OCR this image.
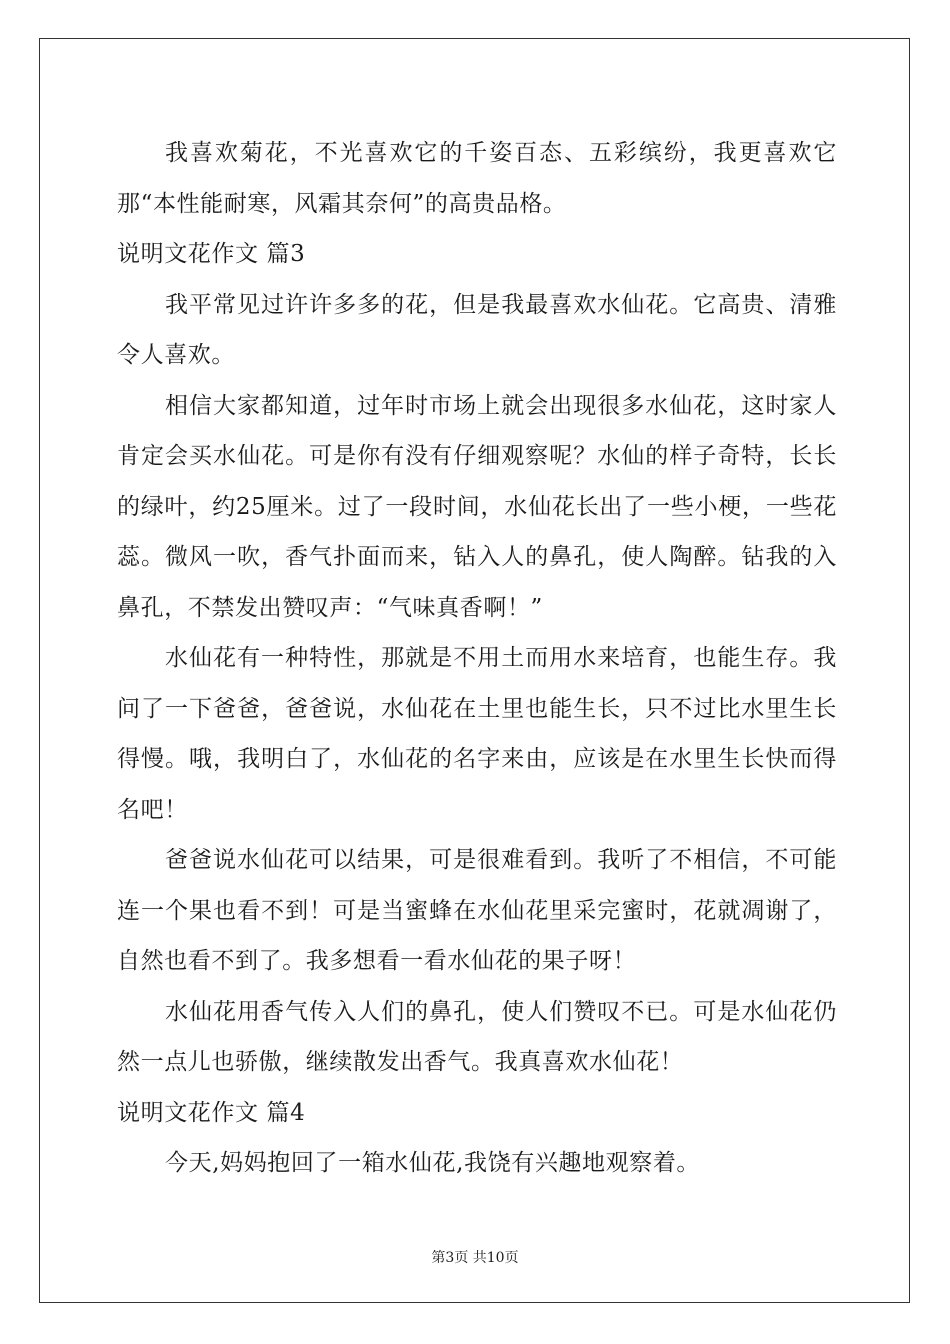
我喜欢菊花，不光喜欢它的千姿百态、五彩缤纷，我更喜欢它那“本性能耐寒，风霜其奈何”的高贵品格。

说明文花作文 篇3

我平常见过许许多多的花，但是我最喜欢水仙花。它高贵、清雅令人喜欢。

相信大家都知道，过年时市场上就会出现很多水仙花，这时家人肯定会买水仙花。可是你有没有仔细观察呢？水仙的样子奇特，长长的绿叶，约25厘米。过了一段时间，水仙花长出了一些小梗，一些花蕊。微风一吹，香气扑面而来，钻入人的鼻孔，使人陶醉。钻我的入鼻孔，不禁发出赞叹声：“气味真香啊！”

水仙花有一种特性，那就是不用土而用水来培育，也能生存。我问了一下爸爸，爸爸说，水仙花在土里也能生长，只不过比水里生长得慢。哦，我明白了，水仙花的名字来由，应该是在水里生长快而得名吧！

爸爸说水仙花可以结果，可是很难看到。我听了不相信，不可能连一个果也看不到！可是当蜜蜂在水仙花里采完蜜时，花就凋谢了，自然也看不到了。我多想看一看水仙花的果子呀！

水仙花用香气传入人们的鼻孔，使人们赞叹不已。可是水仙花仍然一点儿也骄傲，继续散发出香气。我真喜欢水仙花！

说明文花作文 篇4

今天,妈妈抱回了一箱水仙花,我饶有兴趣地观察着。

第3页 共10页
